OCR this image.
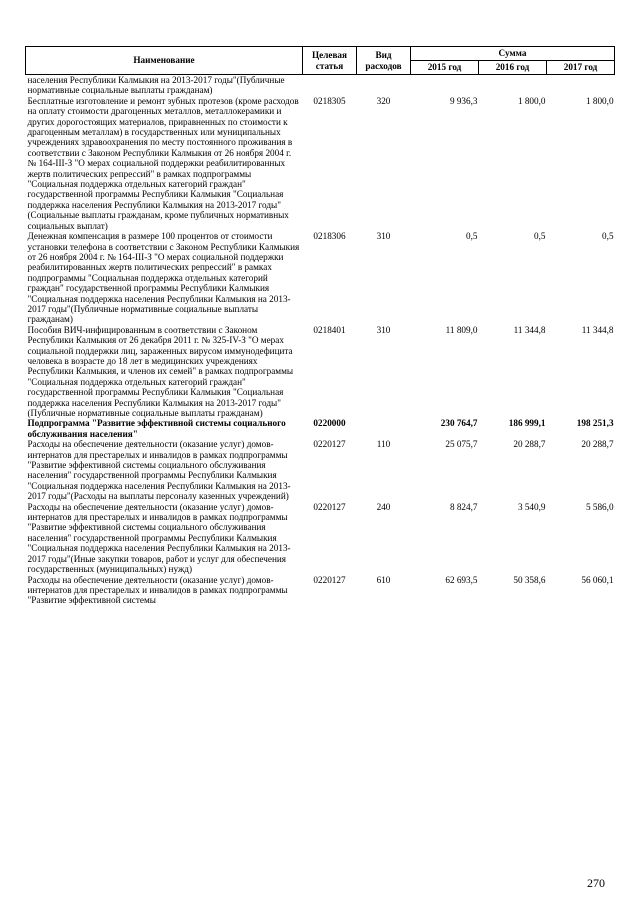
Наименование	Целевая статья	Вид расходов	Сумма		
			2015 год	2016 год	2017 год
населения Республики Калмыкия на 2013-2017 годы"(Публичные нормативные социальные выплаты гражданам)					
Бесплатные изготовление и ремонт зубных протезов (кроме расходов на оплату стоимости драгоценных металлов, металлокерамики и других дорогостоящих материалов, приравненных по стоимости к драгоценным металлам) в государственных или муниципальных учреждениях здравоохранения по месту постоянного проживания в соответствии с Законом Республики Калмыкия от 26 ноября 2004 г. № 164-III-З "О мерах социальной поддержки реабилитированных жертв политических репрессий" в рамках подпрограммы "Социальная поддержка отдельных категорий граждан" государственной программы Республики Калмыкия "Социальная поддержка населения Республики Калмыкия на 2013-2017 годы"(Социальные выплаты гражданам, кроме публичных нормативных социальных выплат)	0218305	320	9 936,3	1 800,0	1 800,0
Денежная компенсация в размере 100 процентов от стоимости установки телефона в соответствии с Законом Республики Калмыкия от 26 ноября 2004 г. № 164-III-З "О мерах социальной поддержки реабилитированных жертв политических репрессий" в рамках подпрограммы "Социальная поддержка отдельных категорий граждан" государственной программы Республики Калмыкия "Социальная поддержка населения Республики Калмыкия на 2013-2017 годы"(Публичные нормативные социальные выплаты гражданам)	0218306	310	0,5	0,5	0,5
Пособия ВИЧ-инфицированным в соответствии с Законом Республики Калмыкия от 26 декабря 2011 г. № 325-IV-З "О мерах социальной поддержки лиц, зараженных вирусом иммунодефицита человека в возрасте до 18 лет в медицинских учреждениях Республики Калмыкия, и членов их семей" в рамках подпрограммы "Социальная поддержка отдельных категорий граждан" государственной программы Республики Калмыкия "Социальная поддержка населения Республики Калмыкия на 2013-2017 годы"(Публичные нормативные социальные выплаты гражданам)	0218401	310	11 809,0	11 344,8	11 344,8
Подпрограмма "Развитие эффективной системы социального обслуживания населения"	0220000		230 764,7	186 999,1	198 251,3
Расходы на обеспечение деятельности (оказание услуг) домов-интернатов для престарелых и инвалидов в рамках подпрограммы "Развитие эффективной системы социального обслуживания населения" государственной программы Республики Калмыкия "Социальная поддержка населения Республики Калмыкия на 2013-2017 годы"(Расходы на выплаты персоналу казенных учреждений)	0220127	110	25 075,7	20 288,7	20 288,7
Расходы на обеспечение деятельности (оказание услуг) домов-интернатов для престарелых и инвалидов в рамках подпрограммы "Развитие эффективной системы социального обслуживания населения" государственной программы Республики Калмыкия "Социальная поддержка населения Республики Калмыкия на 2013-2017 годы"(Иные закупки товаров, работ и услуг для обеспечения государственных (муниципальных) нужд)	0220127	240	8 824,7	3 540,9	5 586,0
Расходы на обеспечение деятельности (оказание услуг) домов-интернатов для престарелых и инвалидов в рамках подпрограммы "Развитие эффективной системы	0220127	610	62 693,5	50 358,6	56 060,1
270
